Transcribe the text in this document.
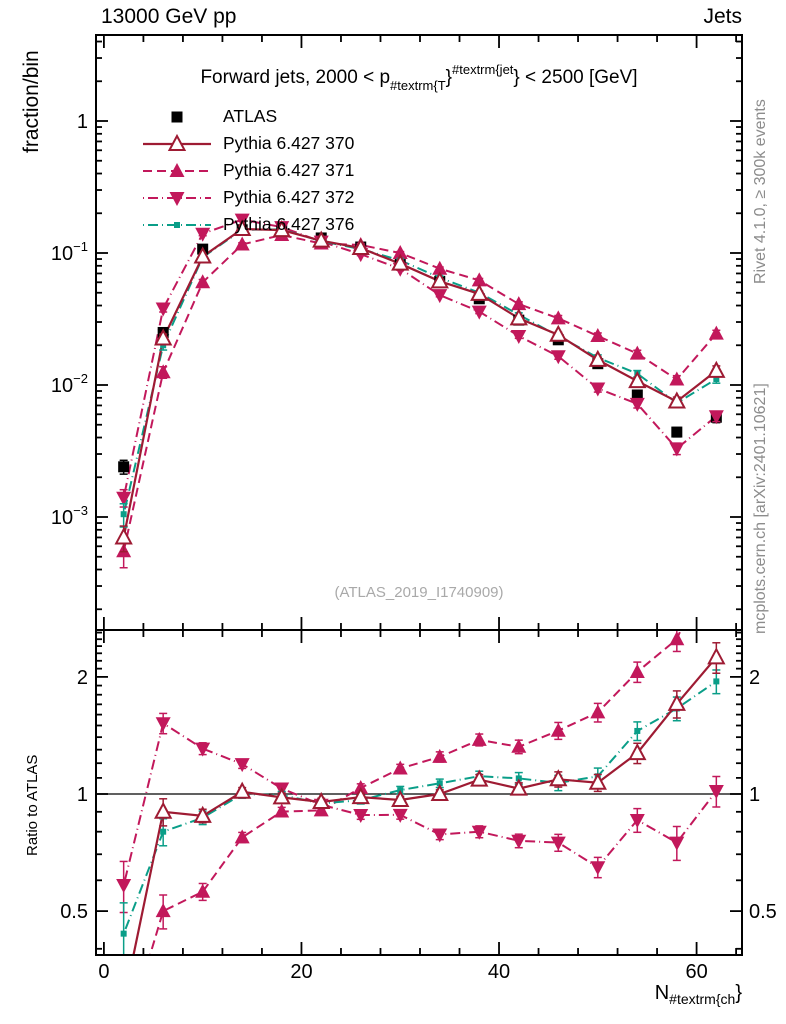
0	20	40	60
1
$10^{-1}$
$10^{-2}$
$10^{-3}$
2	2
1	1
0.5	0.5
13000 GeV pp	Jets
fraction/bin
Ratio to ATLAS
Rivet 4.1.0, ≥ 300k events
mcplots.cern.ch [arXiv:2401.10621]
Forward jets, $2000 < p_{\#textrm\{T}\}^{\#textrm\{jet}\} < 2500$ [GeV]
(ATLAS_2019_I1740909)
ATLAS
Pythia 6.427 370
Pythia 6.427 371
Pythia 6.427 372
Pythia 6.427 376
$N_{\#textrm\{ch}$}
